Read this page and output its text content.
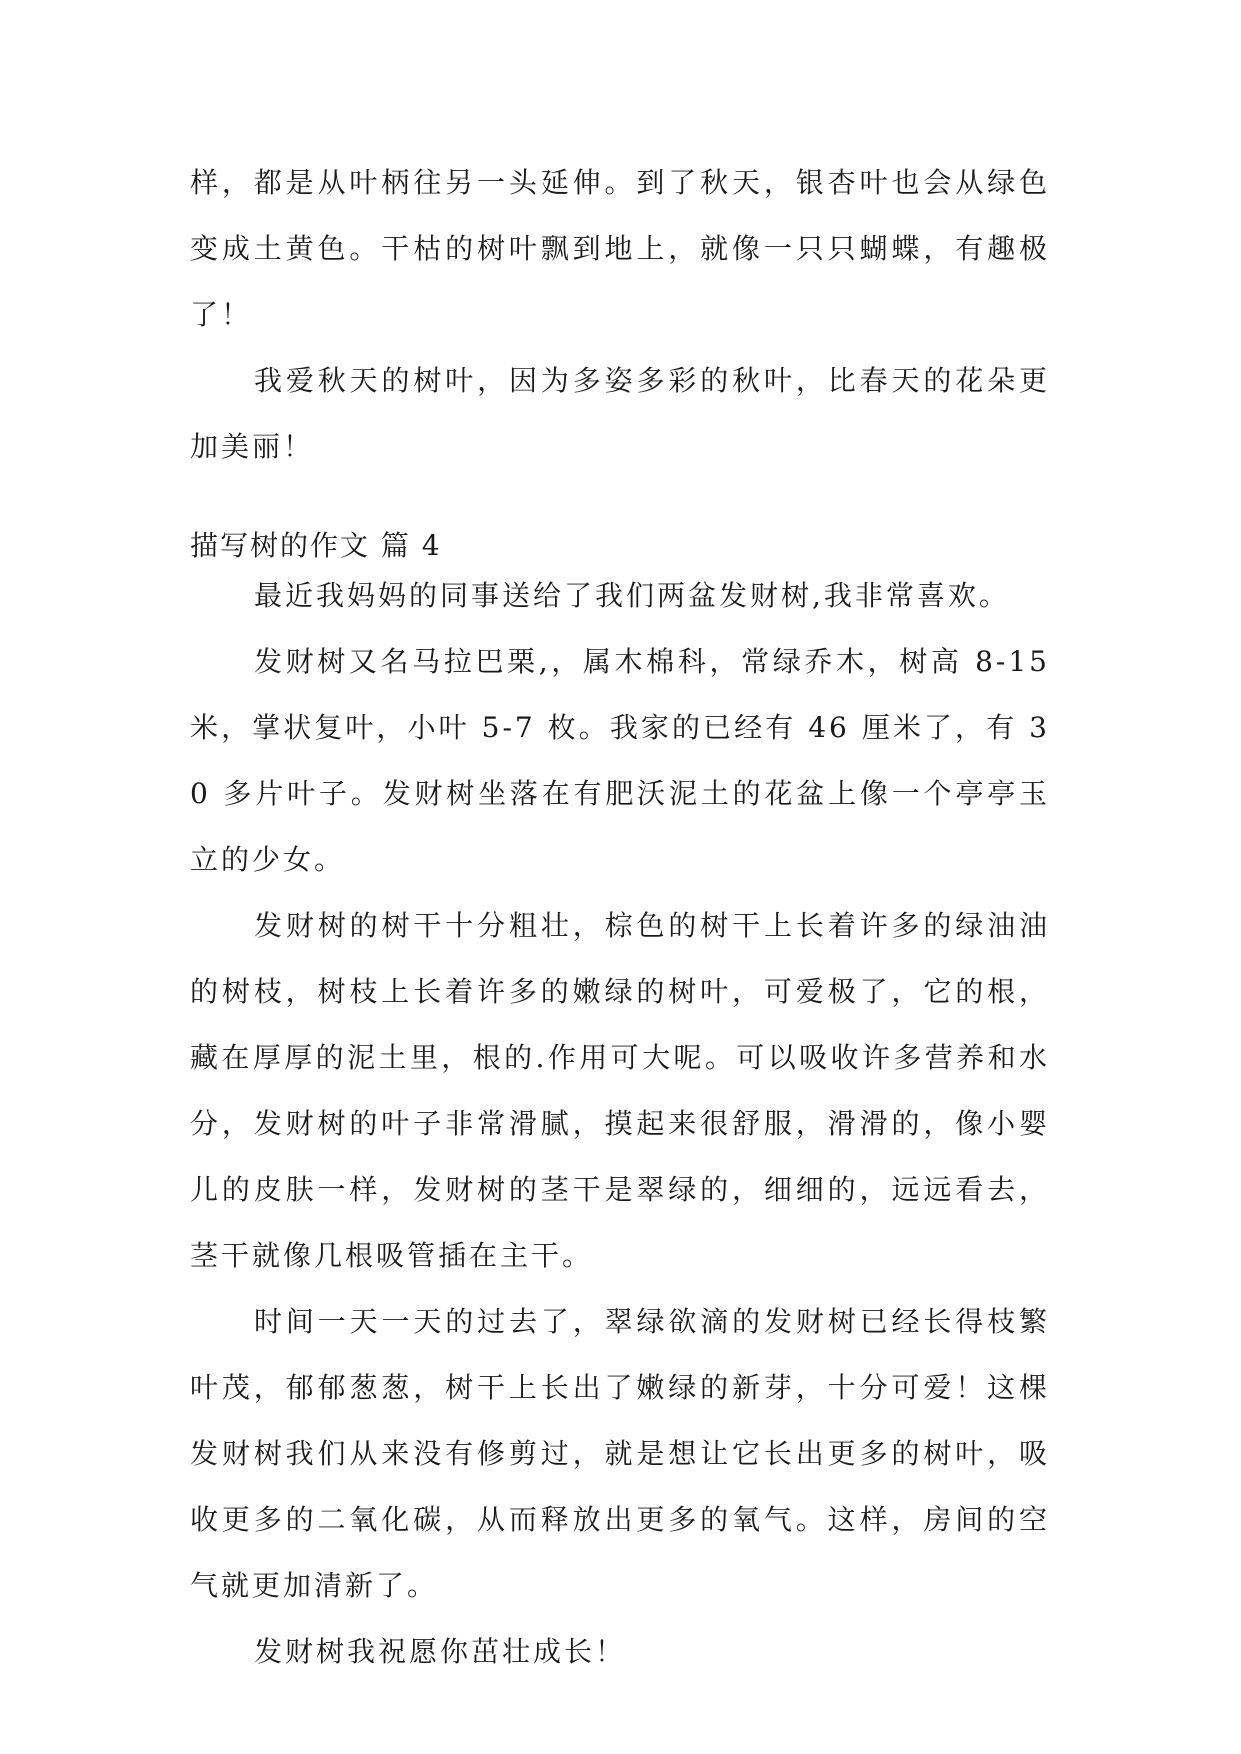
样，都是从叶柄往另一头延伸。到了秋天，银杏叶也会从绿色变成土黄色。干枯的树叶飘到地上，就像一只只蝴蝶，有趣极了！

我爱秋天的树叶，因为多姿多彩的秋叶，比春天的花朵更加美丽！

描写树的作文 篇 4

最近我妈妈的同事送给了我们两盆发财树,我非常喜欢。

发财树又名马拉巴栗,，属木棉科，常绿乔木，树高 8-15 米，掌状复叶，小叶 5-7 枚。我家的已经有 46 厘米了，有 30 多片叶子。发财树坐落在有肥沃泥土的花盆上像一个亭亭玉立的少女。

发财树的树干十分粗壮，棕色的树干上长着许多的绿油油的树枝，树枝上长着许多的嫩绿的树叶，可爱极了，它的根，藏在厚厚的泥土里，根的.作用可大呢。可以吸收许多营养和水分，发财树的叶子非常滑腻，摸起来很舒服，滑滑的，像小婴儿的皮肤一样，发财树的茎干是翠绿的，细细的，远远看去，茎干就像几根吸管插在主干。

时间一天一天的过去了，翠绿欲滴的发财树已经长得枝繁叶茂，郁郁葱葱，树干上长出了嫩绿的新芽，十分可爱！这棵发财树我们从来没有修剪过，就是想让它长出更多的树叶，吸收更多的二氧化碳，从而释放出更多的氧气。这样，房间的空气就更加清新了。

发财树我祝愿你茁壮成长！
